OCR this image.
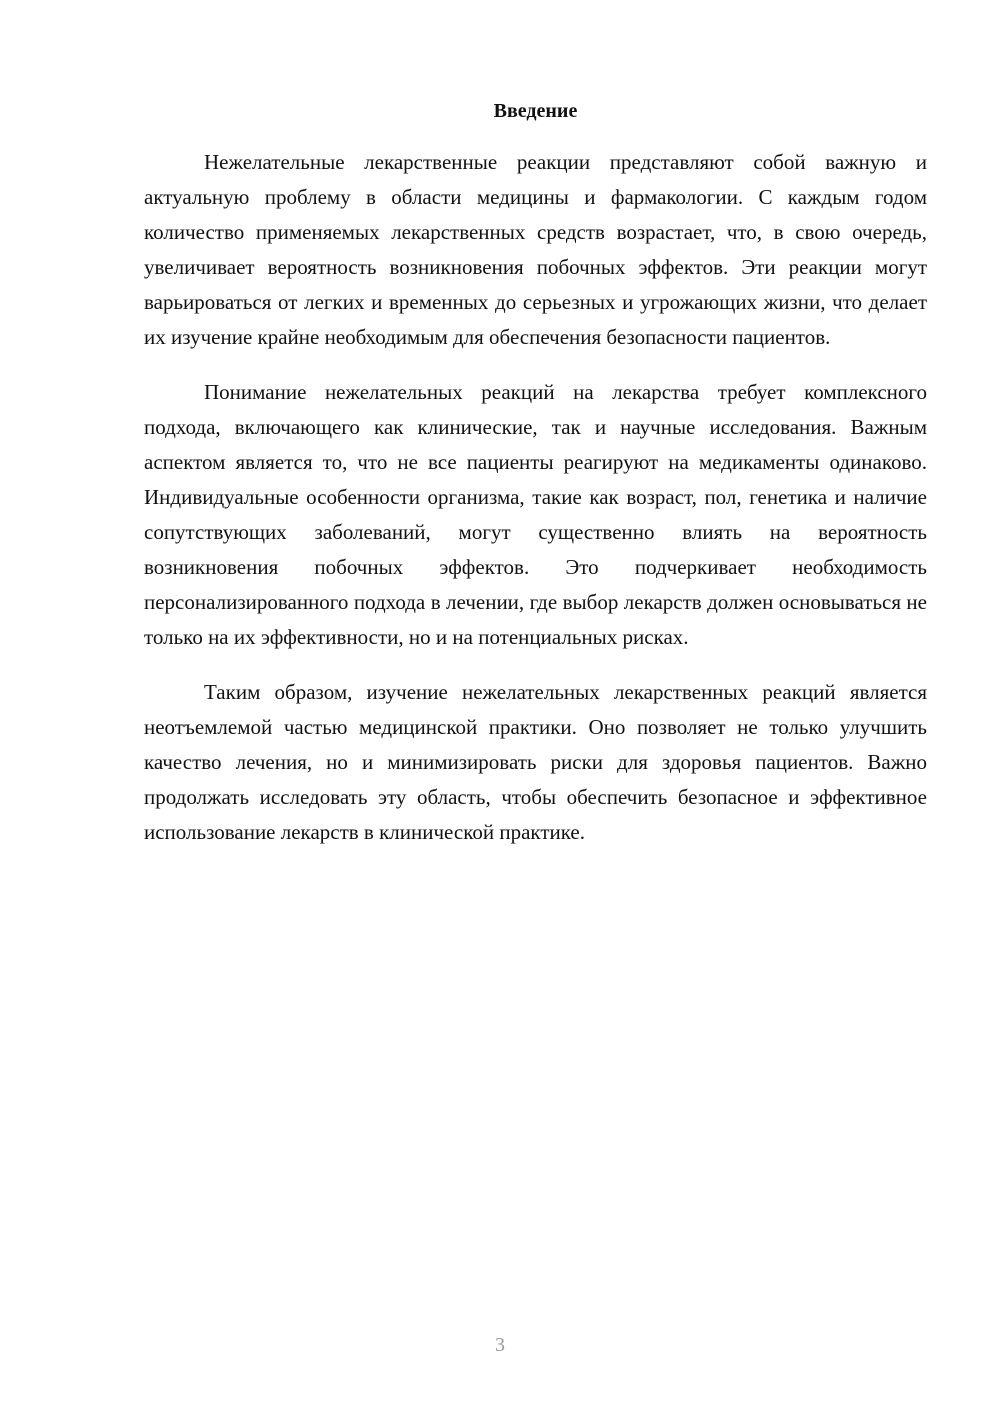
Введение

Нежелательные лекарственные реакции представляют собой важную и актуальную проблему в области медицины и фармакологии. С каждым годом количество применяемых лекарственных средств возрастает, что, в свою очередь, увеличивает вероятность возникновения побочных эффектов. Эти реакции могут варьироваться от легких и временных до серьезных и угрожающих жизни, что делает их изучение крайне необходимым для обеспечения безопасности пациентов.

Понимание нежелательных реакций на лекарства требует комплексного подхода, включающего как клинические, так и научные исследования. Важным аспектом является то, что не все пациенты реагируют на медикаменты одинаково. Индивидуальные особенности организма, такие как возраст, пол, генетика и наличие сопутствующих заболеваний, могут существенно влиять на вероятность возникновения побочных эффектов. Это подчеркивает необходимость персонализированного подхода в лечении, где выбор лекарств должен основываться не только на их эффективности, но и на потенциальных рисках.

Таким образом, изучение нежелательных лекарственных реакций является неотъемлемой частью медицинской практики. Оно позволяет не только улучшить качество лечения, но и минимизировать риски для здоровья пациентов. Важно продолжать исследовать эту область, чтобы обеспечить безопасное и эффективное использование лекарств в клинической практике.

3
